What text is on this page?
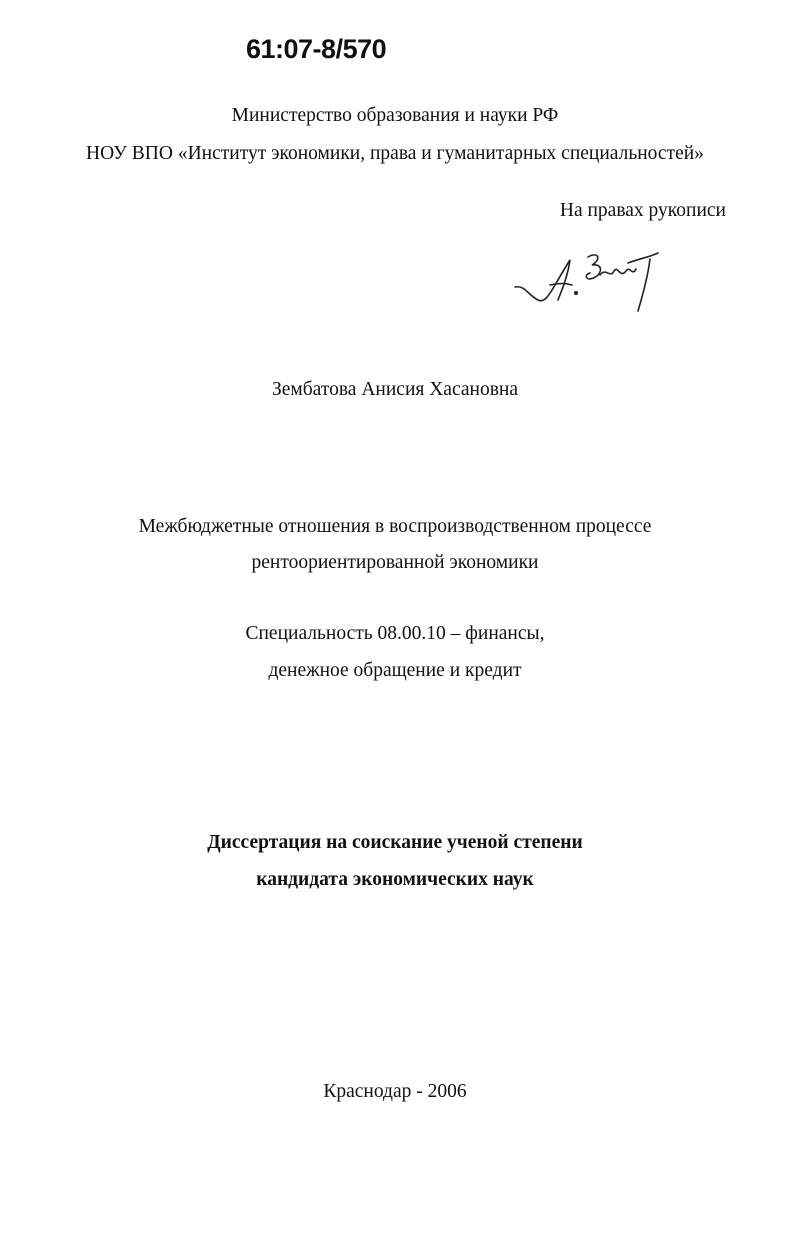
61:07-8/570
Министерство образования и науки РФ
НОУ ВПО «Институт экономики, права и гуманитарных специальностей»
На правах рукописи
Зембатова Анисия Хасановна
Межбюджетные отношения в воспроизводственном процессе
рентоориентированной экономики
Специальность 08.00.10 – финансы,
денежное обращение и кредит
Диссертация на соискание ученой степени
кандидата экономических наук
Краснодар - 2006
